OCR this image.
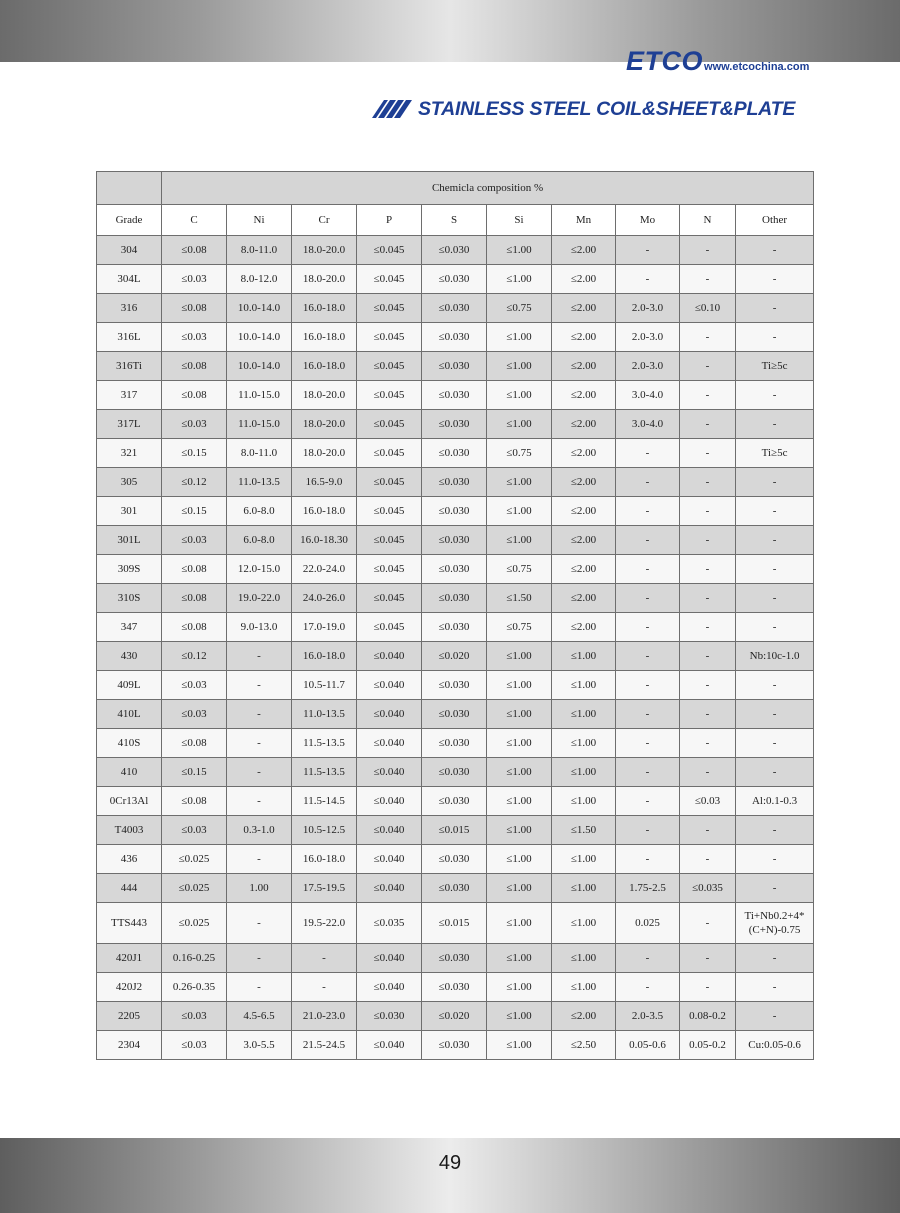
ETCO www.etcochina.com
STAINLESS STEEL COIL&SHEET&PLATE
	Chemicla composition %									
Grade	C	Ni	Cr	P	S	Si	Mn	Mo	N	Other
304	≤0.08	8.0-11.0	18.0-20.0	≤0.045	≤0.030	≤1.00	≤2.00	-	-	-
304L	≤0.03	8.0-12.0	18.0-20.0	≤0.045	≤0.030	≤1.00	≤2.00	-	-	-
316	≤0.08	10.0-14.0	16.0-18.0	≤0.045	≤0.030	≤0.75	≤2.00	2.0-3.0	≤0.10	-
316L	≤0.03	10.0-14.0	16.0-18.0	≤0.045	≤0.030	≤1.00	≤2.00	2.0-3.0	-	-
316Ti	≤0.08	10.0-14.0	16.0-18.0	≤0.045	≤0.030	≤1.00	≤2.00	2.0-3.0	-	Ti≥5c
317	≤0.08	11.0-15.0	18.0-20.0	≤0.045	≤0.030	≤1.00	≤2.00	3.0-4.0	-	-
317L	≤0.03	11.0-15.0	18.0-20.0	≤0.045	≤0.030	≤1.00	≤2.00	3.0-4.0	-	-
321	≤0.15	8.0-11.0	18.0-20.0	≤0.045	≤0.030	≤0.75	≤2.00	-	-	Ti≥5c
305	≤0.12	11.0-13.5	16.5-9.0	≤0.045	≤0.030	≤1.00	≤2.00	-	-	-
301	≤0.15	6.0-8.0	16.0-18.0	≤0.045	≤0.030	≤1.00	≤2.00	-	-	-
301L	≤0.03	6.0-8.0	16.0-18.30	≤0.045	≤0.030	≤1.00	≤2.00	-	-	-
309S	≤0.08	12.0-15.0	22.0-24.0	≤0.045	≤0.030	≤0.75	≤2.00	-	-	-
310S	≤0.08	19.0-22.0	24.0-26.0	≤0.045	≤0.030	≤1.50	≤2.00	-	-	-
347	≤0.08	9.0-13.0	17.0-19.0	≤0.045	≤0.030	≤0.75	≤2.00	-	-	-
430	≤0.12	-	16.0-18.0	≤0.040	≤0.020	≤1.00	≤1.00	-	-	Nb:10c-1.0
409L	≤0.03	-	10.5-11.7	≤0.040	≤0.030	≤1.00	≤1.00	-	-	-
410L	≤0.03	-	11.0-13.5	≤0.040	≤0.030	≤1.00	≤1.00	-	-	-
410S	≤0.08	-	11.5-13.5	≤0.040	≤0.030	≤1.00	≤1.00	-	-	-
410	≤0.15	-	11.5-13.5	≤0.040	≤0.030	≤1.00	≤1.00	-	-	-
0Cr13Al	≤0.08	-	11.5-14.5	≤0.040	≤0.030	≤1.00	≤1.00	-	≤0.03	Al:0.1-0.3
T4003	≤0.03	0.3-1.0	10.5-12.5	≤0.040	≤0.015	≤1.00	≤1.50	-	-	-
436	≤0.025	-	16.0-18.0	≤0.040	≤0.030	≤1.00	≤1.00	-	-	-
444	≤0.025	1.00	17.5-19.5	≤0.040	≤0.030	≤1.00	≤1.00	1.75-2.5	≤0.035	-
TTS443	≤0.025	-	19.5-22.0	≤0.035	≤0.015	≤1.00	≤1.00	0.025	-	Ti+Nb0.2+4*
(C+N)-0.75
420J1	0.16-0.25	-	-	≤0.040	≤0.030	≤1.00	≤1.00	-	-	-
420J2	0.26-0.35	-	-	≤0.040	≤0.030	≤1.00	≤1.00	-	-	-
2205	≤0.03	4.5-6.5	21.0-23.0	≤0.030	≤0.020	≤1.00	≤2.00	2.0-3.5	0.08-0.2	-
2304	≤0.03	3.0-5.5	21.5-24.5	≤0.040	≤0.030	≤1.00	≤2.50	0.05-0.6	0.05-0.2	Cu:0.05-0.6
49
